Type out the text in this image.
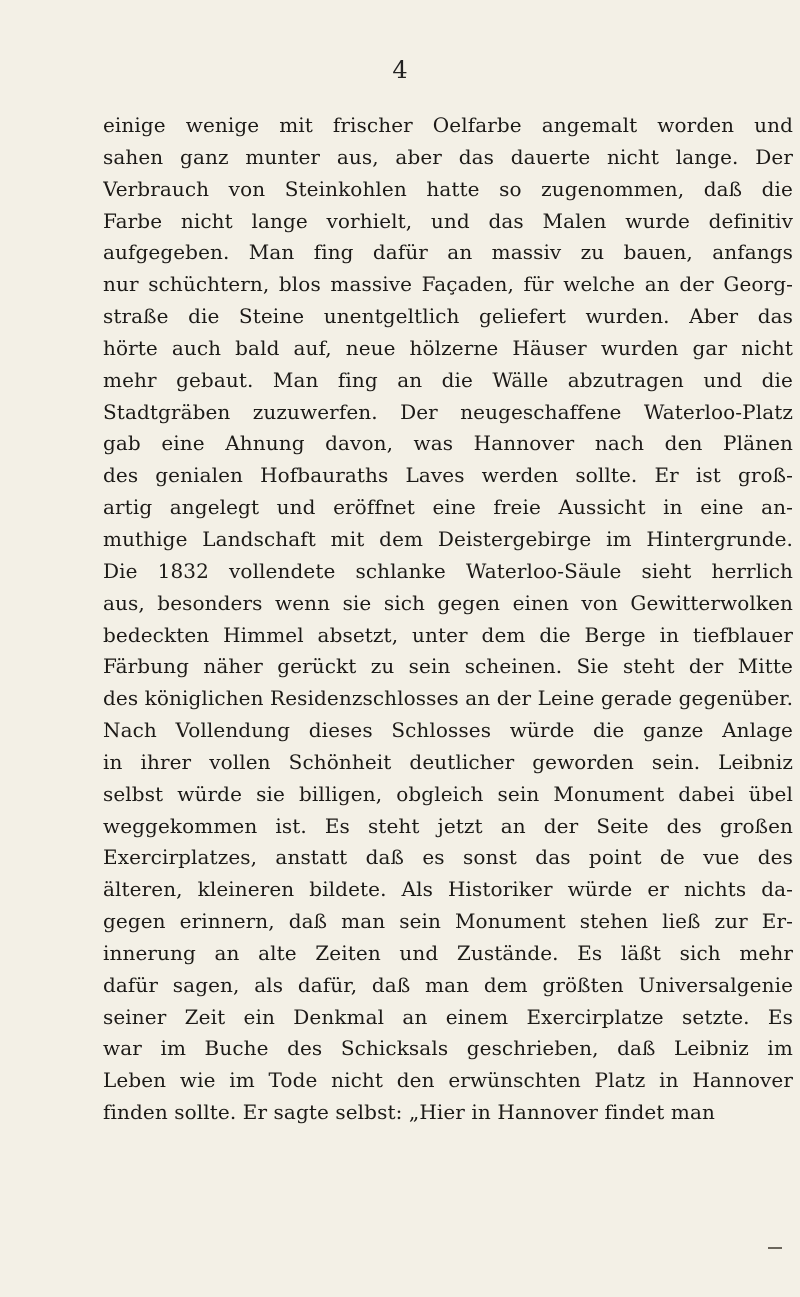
4
einige wenige mit frischer Oelfarbe angemalt worden und
sahen ganz munter aus, aber das dauerte nicht lange. Der
Verbrauch von Steinkohlen hatte so zugenommen, daß die
Farbe nicht lange vorhielt, und das Malen wurde definitiv
aufgegeben. Man fing dafür an massiv zu bauen, anfangs
nur schüchtern, blos massive Façaden, für welche an der Georg-
straße die Steine unentgeltlich geliefert wurden. Aber das
hörte auch bald auf, neue hölzerne Häuser wurden gar nicht
mehr gebaut. Man fing an die Wälle abzutragen und die
Stadtgräben zuzuwerfen. Der neugeschaffene Waterloo-Platz
gab eine Ahnung davon, was Hannover nach den Plänen
des genialen Hofbauraths Laves werden sollte. Er ist groß-
artig angelegt und eröffnet eine freie Aussicht in eine an-
muthige Landschaft mit dem Deistergebirge im Hintergrunde.
Die 1832 vollendete schlanke Waterloo-Säule sieht herrlich
aus, besonders wenn sie sich gegen einen von Gewitterwolken
bedeckten Himmel absetzt, unter dem die Berge in tiefblauer
Färbung näher gerückt zu sein scheinen. Sie steht der Mitte
des königlichen Residenzschlosses an der Leine gerade gegenüber.
Nach Vollendung dieses Schlosses würde die ganze Anlage
in ihrer vollen Schönheit deutlicher geworden sein. Leibniz
selbst würde sie billigen, obgleich sein Monument dabei übel
weggekommen ist. Es steht jetzt an der Seite des großen
Exercirplatzes, anstatt daß es sonst das point de vue des
älteren, kleineren bildete. Als Historiker würde er nichts da-
gegen erinnern, daß man sein Monument stehen ließ zur Er-
innerung an alte Zeiten und Zustände. Es läßt sich mehr
dafür sagen, als dafür, daß man dem größten Universalgenie
seiner Zeit ein Denkmal an einem Exercirplatze setzte. Es
war im Buche des Schicksals geschrieben, daß Leibniz im
Leben wie im Tode nicht den erwünschten Platz in Hannover
finden sollte. Er sagte selbst: „Hier in Hannover findet man
